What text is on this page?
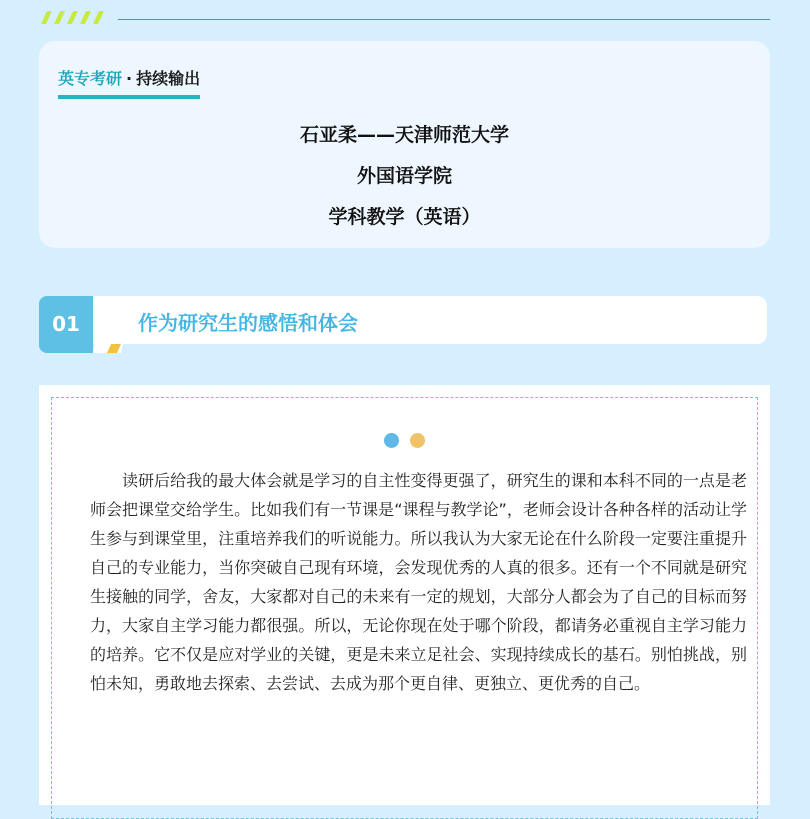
英专考研 · 持续输出
石亚柔——天津师范大学
外国语学院
学科教学（英语）
01	作为研究生的感悟和体会

读研后给我的最大体会就是学习的自主性变得更强了，研究生的课和本科不同的一点是老师会把课堂交给学生。比如我们有一节课是“课程与教学论”，老师会设计各种各样的活动让学生参与到课堂里，注重培养我们的听说能力。所以我认为大家无论在什么阶段一定要注重提升自己的专业能力，当你突破自己现有环境，会发现优秀的人真的很多。还有一个不同就是研究生接触的同学，舍友，大家都对自己的未来有一定的规划，大部分人都会为了自己的目标而努力，大家自主学习能力都很强。所以，无论你现在处于哪个阶段，都请务必重视自主学习能力的培养。它不仅是应对学业的关键，更是未来立足社会、实现持续成长的基石。别怕挑战，别怕未知，勇敢地去探索、去尝试、去成为那个更自律、更独立、更优秀的自己。
